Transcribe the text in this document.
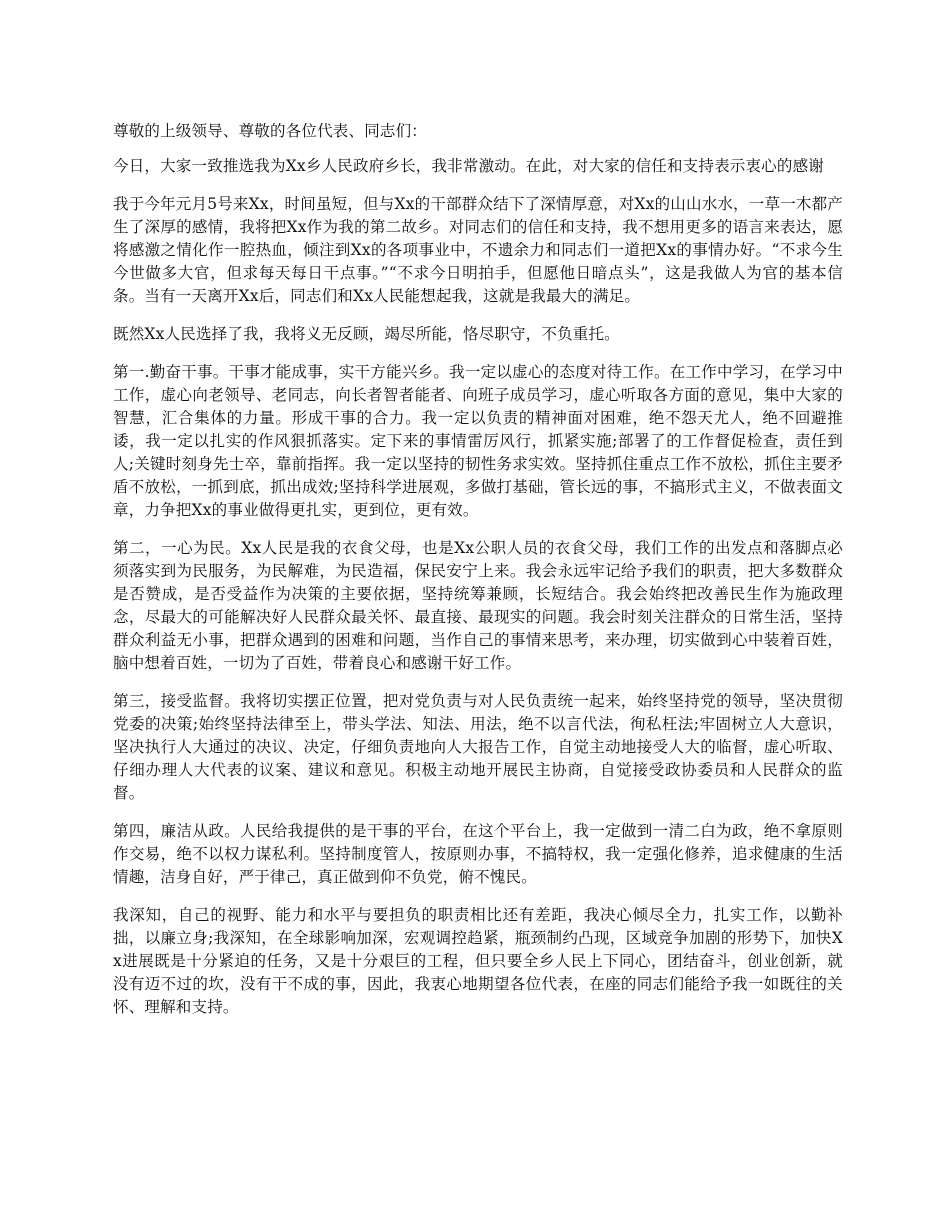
尊敬的上级领导、尊敬的各位代表、同志们：

今日，大家一致推选我为Xx乡人民政府乡长，我非常激动。在此，对大家的信任和支持表示衷心的感谢

我于今年元月5号来Xx，时间虽短，但与Xx的干部群众结下了深情厚意，对Xx的山山水水，一草一木都产生了深厚的感情，我将把Xx作为我的第二故乡。对同志们的信任和支持，我不想用更多的语言来表达，愿将感激之情化作一腔热血，倾注到Xx的各项事业中，不遗余力和同志们一道把Xx的事情办好。“不求今生今世做多大官，但求每天每日干点事。”“不求今日明拍手，但愿他日暗点头”，这是我做人为官的基本信条。当有一天离开Xx后，同志们和Xx人民能想起我，这就是我最大的满足。

既然Xx人民选择了我，我将义无反顾，竭尽所能，恪尽职守，不负重托。

第一.勤奋干事。干事才能成事，实干方能兴乡。我一定以虚心的态度对待工作。在工作中学习，在学习中工作，虚心向老领导、老同志，向长者智者能者、向班子成员学习，虚心听取各方面的意见，集中大家的智慧，汇合集体的力量。形成干事的合力。我一定以负责的精神面对困难，绝不怨天尤人，绝不回避推诿，我一定以扎实的作风狠抓落实。定下来的事情雷厉风行，抓紧实施;部署了的工作督促检查，责任到人;关键时刻身先士卒，靠前指挥。我一定以坚持的韧性务求实效。坚持抓住重点工作不放松，抓住主要矛盾不放松，一抓到底，抓出成效;坚持科学进展观，多做打基础，管长远的事，不搞形式主义，不做表面文章，力争把Xx的事业做得更扎实，更到位，更有效。

第二，一心为民。Xx人民是我的衣食父母，也是Xx公职人员的衣食父母，我们工作的出发点和落脚点必须落实到为民服务，为民解难，为民造福，保民安宁上来。我会永远牢记给予我们的职责，把大多数群众是否赞成，是否受益作为决策的主要依据，坚持统筹兼顾，长短结合。我会始终把改善民生作为施政理念，尽最大的可能解决好人民群众最关怀、最直接、最现实的问题。我会时刻关注群众的日常生活，坚持群众利益无小事，把群众遇到的困难和问题，当作自己的事情来思考，来办理，切实做到心中装着百姓，脑中想着百姓，一切为了百姓，带着良心和感谢干好工作。

第三，接受监督。我将切实摆正位置，把对党负责与对人民负责统一起来，始终坚持党的领导，坚决贯彻党委的决策;始终坚持法律至上，带头学法、知法、用法，绝不以言代法，徇私枉法;牢固树立人大意识，坚决执行人大通过的决议、决定，仔细负责地向人大报告工作，自觉主动地接受人大的临督，虚心听取、仔细办理人大代表的议案、建议和意见。积极主动地开展民主协商，自觉接受政协委员和人民群众的监督。

第四，廉洁从政。人民给我提供的是干事的平台，在这个平台上，我一定做到一清二白为政，绝不拿原则作交易，绝不以权力谋私利。坚持制度管人，按原则办事，不搞特权，我一定强化修养，追求健康的生活情趣，洁身自好，严于律己，真正做到仰不负党，俯不愧民。

我深知，自己的视野、能力和水平与要担负的职责相比还有差距，我决心倾尽全力，扎实工作，以勤补拙，以廉立身;我深知，在全球影响加深，宏观调控趋紧，瓶颈制约凸现，区域竞争加剧的形势下，加快Xx进展既是十分紧迫的任务，又是十分艰巨的工程，但只要全乡人民上下同心，团结奋斗，创业创新，就没有迈不过的坎，没有干不成的事，因此，我衷心地期望各位代表，在座的同志们能给予我一如既往的关怀、理解和支持。
